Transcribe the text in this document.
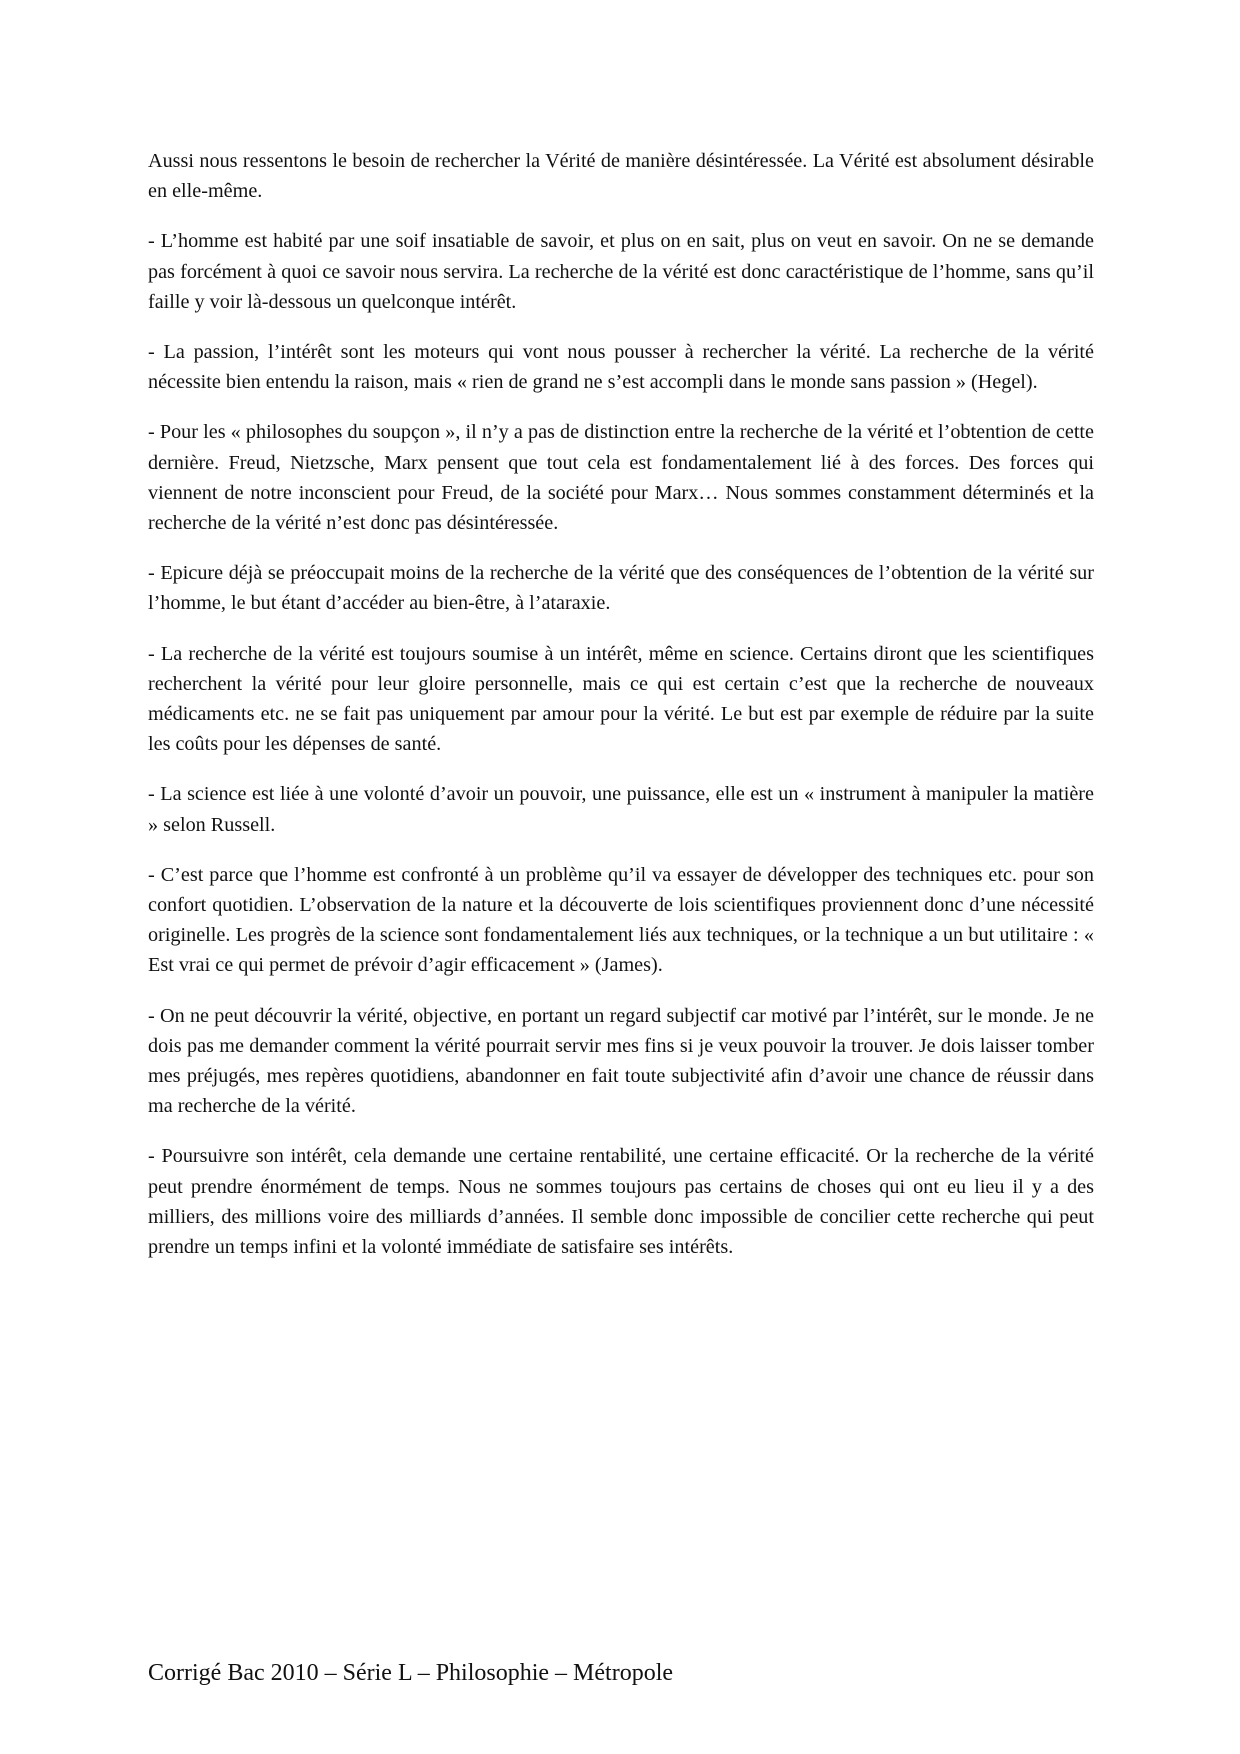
Aussi nous ressentons le besoin de rechercher la Vérité de manière désintéressée. La Vérité est absolument désirable en elle-même.

- L’homme est habité par une soif insatiable de savoir, et plus on en sait, plus on veut en savoir. On ne se demande pas forcément à quoi ce savoir nous servira. La recherche de la vérité est donc caractéristique de l’homme, sans qu’il faille y voir là-dessous un quelconque intérêt.

- La passion, l’intérêt sont les moteurs qui vont nous pousser à rechercher la vérité. La recherche de la vérité nécessite bien entendu la raison, mais « rien de grand ne s’est accompli dans le monde sans passion » (Hegel).

- Pour les « philosophes du soupçon », il n’y a pas de distinction entre la recherche de la vérité et l’obtention de cette dernière. Freud, Nietzsche, Marx pensent que tout cela est fondamentalement lié à des forces. Des forces qui viennent de notre inconscient pour Freud, de la société pour Marx… Nous sommes constamment déterminés et la recherche de la vérité n’est donc pas désintéressée.

- Epicure déjà se préoccupait moins de la recherche de la vérité que des conséquences de l’obtention de la vérité sur l’homme, le but étant d’accéder au bien-être, à l’ataraxie.

- La recherche de la vérité est toujours soumise à un intérêt, même en science. Certains diront que les scientifiques recherchent la vérité pour leur gloire personnelle, mais ce qui est certain c’est que la recherche de nouveaux médicaments etc. ne se fait pas uniquement par amour pour la vérité. Le but est par exemple de réduire par la suite les coûts pour les dépenses de santé.

- La science est liée à une volonté d’avoir un pouvoir, une puissance, elle est un « instrument à manipuler la matière » selon Russell.

- C’est parce que l’homme est confronté à un problème qu’il va essayer de développer des techniques etc. pour son confort quotidien. L’observation de la nature et la découverte de lois scientifiques proviennent donc d’une nécessité originelle. Les progrès de la science sont fondamentalement liés aux techniques, or la technique a un but utilitaire : « Est vrai ce qui permet de prévoir d’agir efficacement » (James).

- On ne peut découvrir la vérité, objective, en portant un regard subjectif car motivé par l’intérêt, sur le monde. Je ne dois pas me demander comment la vérité pourrait servir mes fins si je veux pouvoir la trouver. Je dois laisser tomber mes préjugés, mes repères quotidiens, abandonner en fait toute subjectivité afin d’avoir une chance de réussir dans ma recherche de la vérité.

- Poursuivre son intérêt, cela demande une certaine rentabilité, une certaine efficacité. Or la recherche de la vérité peut prendre énormément de temps. Nous ne sommes toujours pas certains de choses qui ont eu lieu il y a des milliers, des millions voire des milliards d’années. Il semble donc impossible de concilier cette recherche qui peut prendre un temps infini et la volonté immédiate de satisfaire ses intérêts.

Corrigé Bac 2010 – Série L – Philosophie – Métropole
